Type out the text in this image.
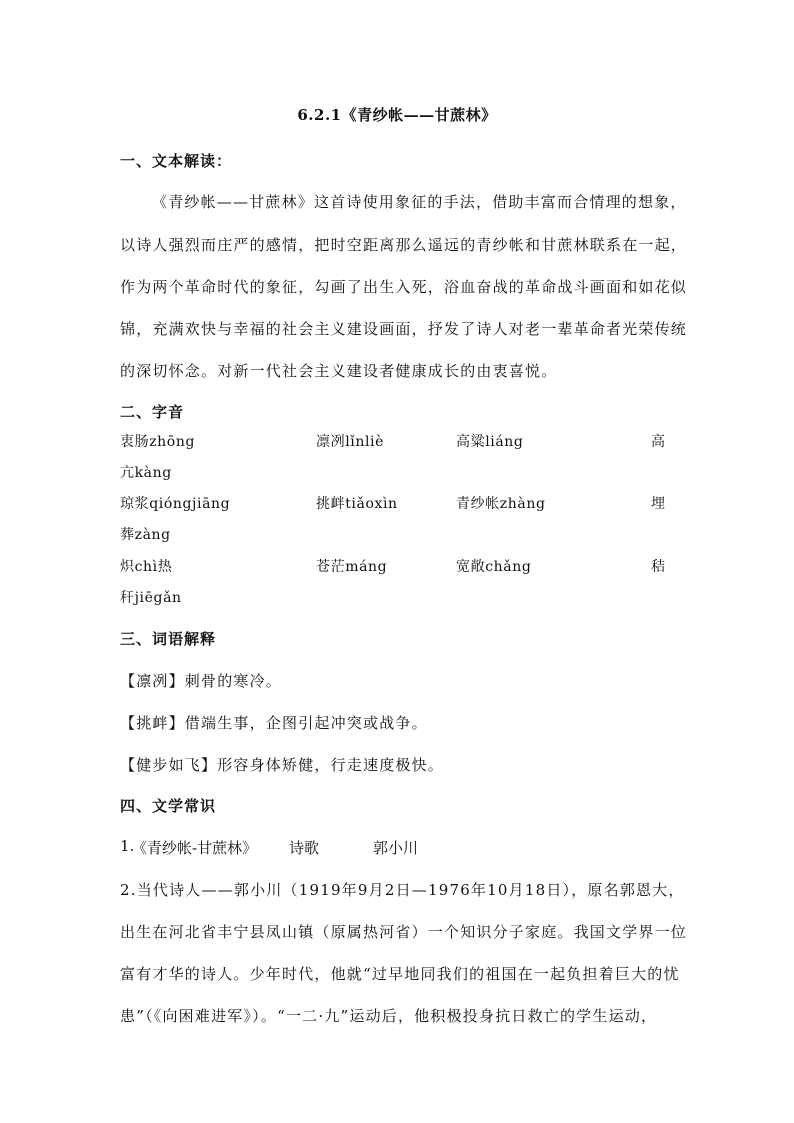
6.2.1《青纱帐——甘蔗林》
一、文本解读：
《青纱帐——甘蔗林》这首诗使用象征的手法，借助丰富而合情理的想象，
以诗人强烈而庄严的感情，把时空距离那么遥远的青纱帐和甘蔗林联系在一起，
作为两个革命时代的象征，勾画了出生入死，浴血奋战的革命战斗画面和如花似
锦，充满欢快与幸福的社会主义建设画面，抒发了诗人对老一辈革命者光荣传统
的深切怀念。对新一代社会主义建设者健康成长的由衷喜悦。
二、字音
衷肠zhōng	凛冽lǐnliè	高粱liáng	高
亢kàng
琼浆qióngjiāng	挑衅tiǎoxìn	青纱帐zhàng	埋
葬zàng
炽chì热	苍茫máng	宽敞chǎng	秸
秆jiēgǎn
三、词语解释
【凛冽】刺骨的寒冷。
【挑衅】借端生事，企图引起冲突或战争。
【健步如飞】形容身体矫健，行走速度极快。
四、文学常识
1.
《青纱帐-甘蔗林》 诗歌	郭小川
2.当代诗人——郭小川（1919年9月2日—1976年10月18日），原名郭恩大，
出生在河北省丰宁县凤山镇（原属热河省）一个知识分子家庭。我国文学界一位
富有才华的诗人。少年时代，他就“过早地同我们的祖国在一起负担着巨大的忧
患”（《向困难进军》）。“一二·九”运动后，他积极投身抗日救亡的学生运动，
